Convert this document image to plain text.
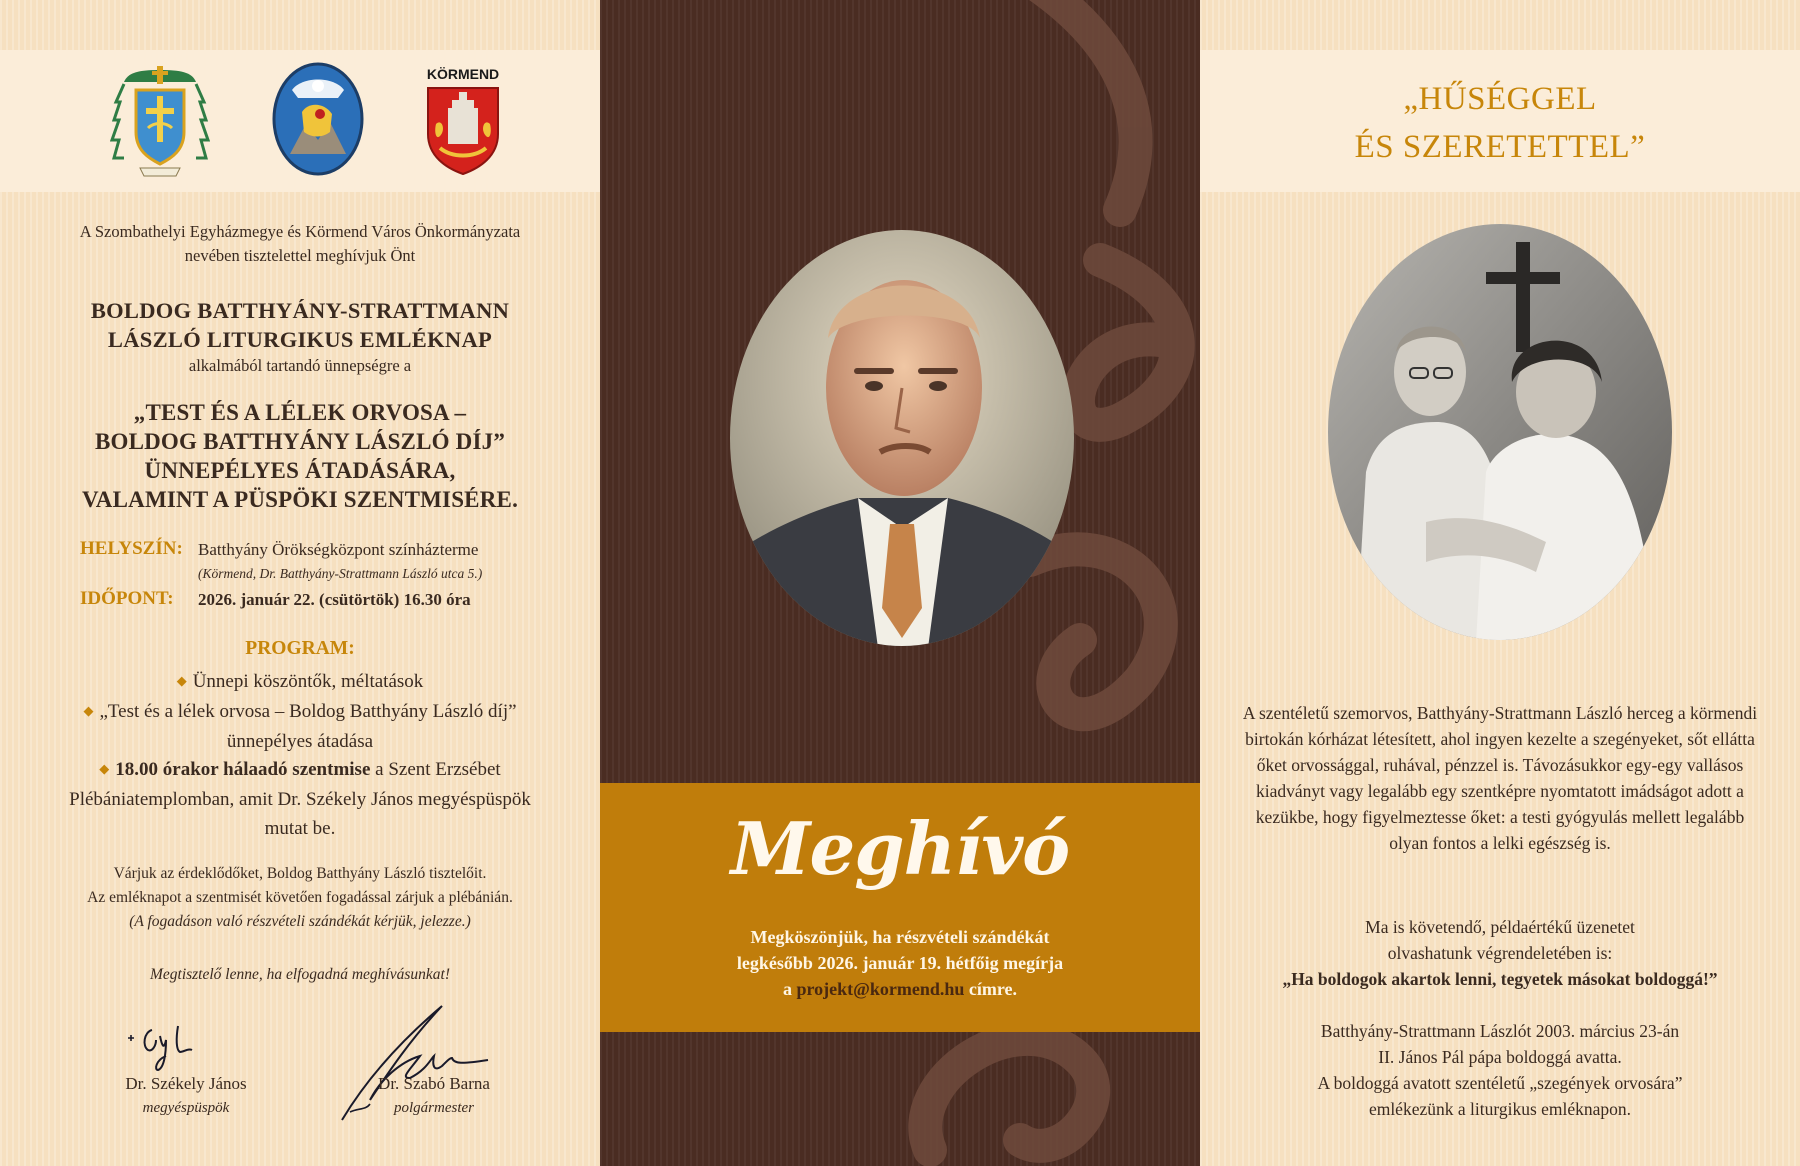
KÖRMEND
A Szombathelyi Egyházmegye és Körmend Város Önkormányzata
nevében tisztelettel meghívjuk Önt
BOLDOG BATTHYÁNY-STRATTMANN
LÁSZLÓ LITURGIKUS EMLÉKNAP
alkalmából tartandó ünnepségre a
„TEST ÉS A LÉLEK ORVOSA –
BOLDOG BATTHYÁNY LÁSZLÓ DÍJ”
ÜNNEPÉLYES ÁTADÁSÁRA,
VALAMINT A PÜSPÖKI SZENTMISÉRE.
HELYSZÍN: Batthyány Örökségközpont színházterme
(Körmend, Dr. Batthyány-Strattmann László utca 5.)
IDŐPONT: 2026. január 22. (csütörtök) 16.30 óra
PROGRAM:
◆ Ünnepi köszöntők, méltatások
◆ „Test és a lélek orvosa – Boldog Batthyány László díj” ünnepélyes átadása
◆ 18.00 órakor hálaadó szentmise a Szent Erzsébet Plébániatemplomban, amit Dr. Székely János megyéspüspök mutat be.
Várjuk az érdeklődőket, Boldog Batthyány László tisztelőit.
Az emléknapot a szentmisét követően fogadással zárjuk a plébánián.
(A fogadáson való részvételi szándékát kérjük, jelezze.)
Megtisztelő lenne, ha elfogadná meghívásunkat!
Dr. Székely János
megyéspüspök
Dr. Szabó Barna
polgármester
Meghívó
Megköszönjük, ha részvételi szándékát
legkésőbb 2026. január 19. hétfőig megírja
a projekt@kormend.hu címre.
„HŰSÉGGEL
ÉS SZERETETTEL”
A szentéletű szemorvos, Batthyány-Strattmann László herceg a körmendi birtokán kórházat létesített, ahol ingyen kezelte a szegényeket, sőt ellátta őket orvossággal, ruhával, pénzzel is. Távozásukkor egy-egy vallásos kiadványt vagy legalább egy szentképre nyomtatott imádságot adott a kezükbe, hogy figyelmeztesse őket: a testi gyógyulás mellett legalább olyan fontos a lelki egészség is.
Ma is követendő, példaértékű üzenetet
olvashatunk végrendeletében is:
„Ha boldogok akartok lenni, tegyetek másokat boldoggá!”
Batthyány-Strattmann Lászlót 2003. március 23-án
II. János Pál pápa boldoggá avatta.
A boldoggá avatott szentéletű „szegények orvosára”
emlékezünk a liturgikus emléknapon.
